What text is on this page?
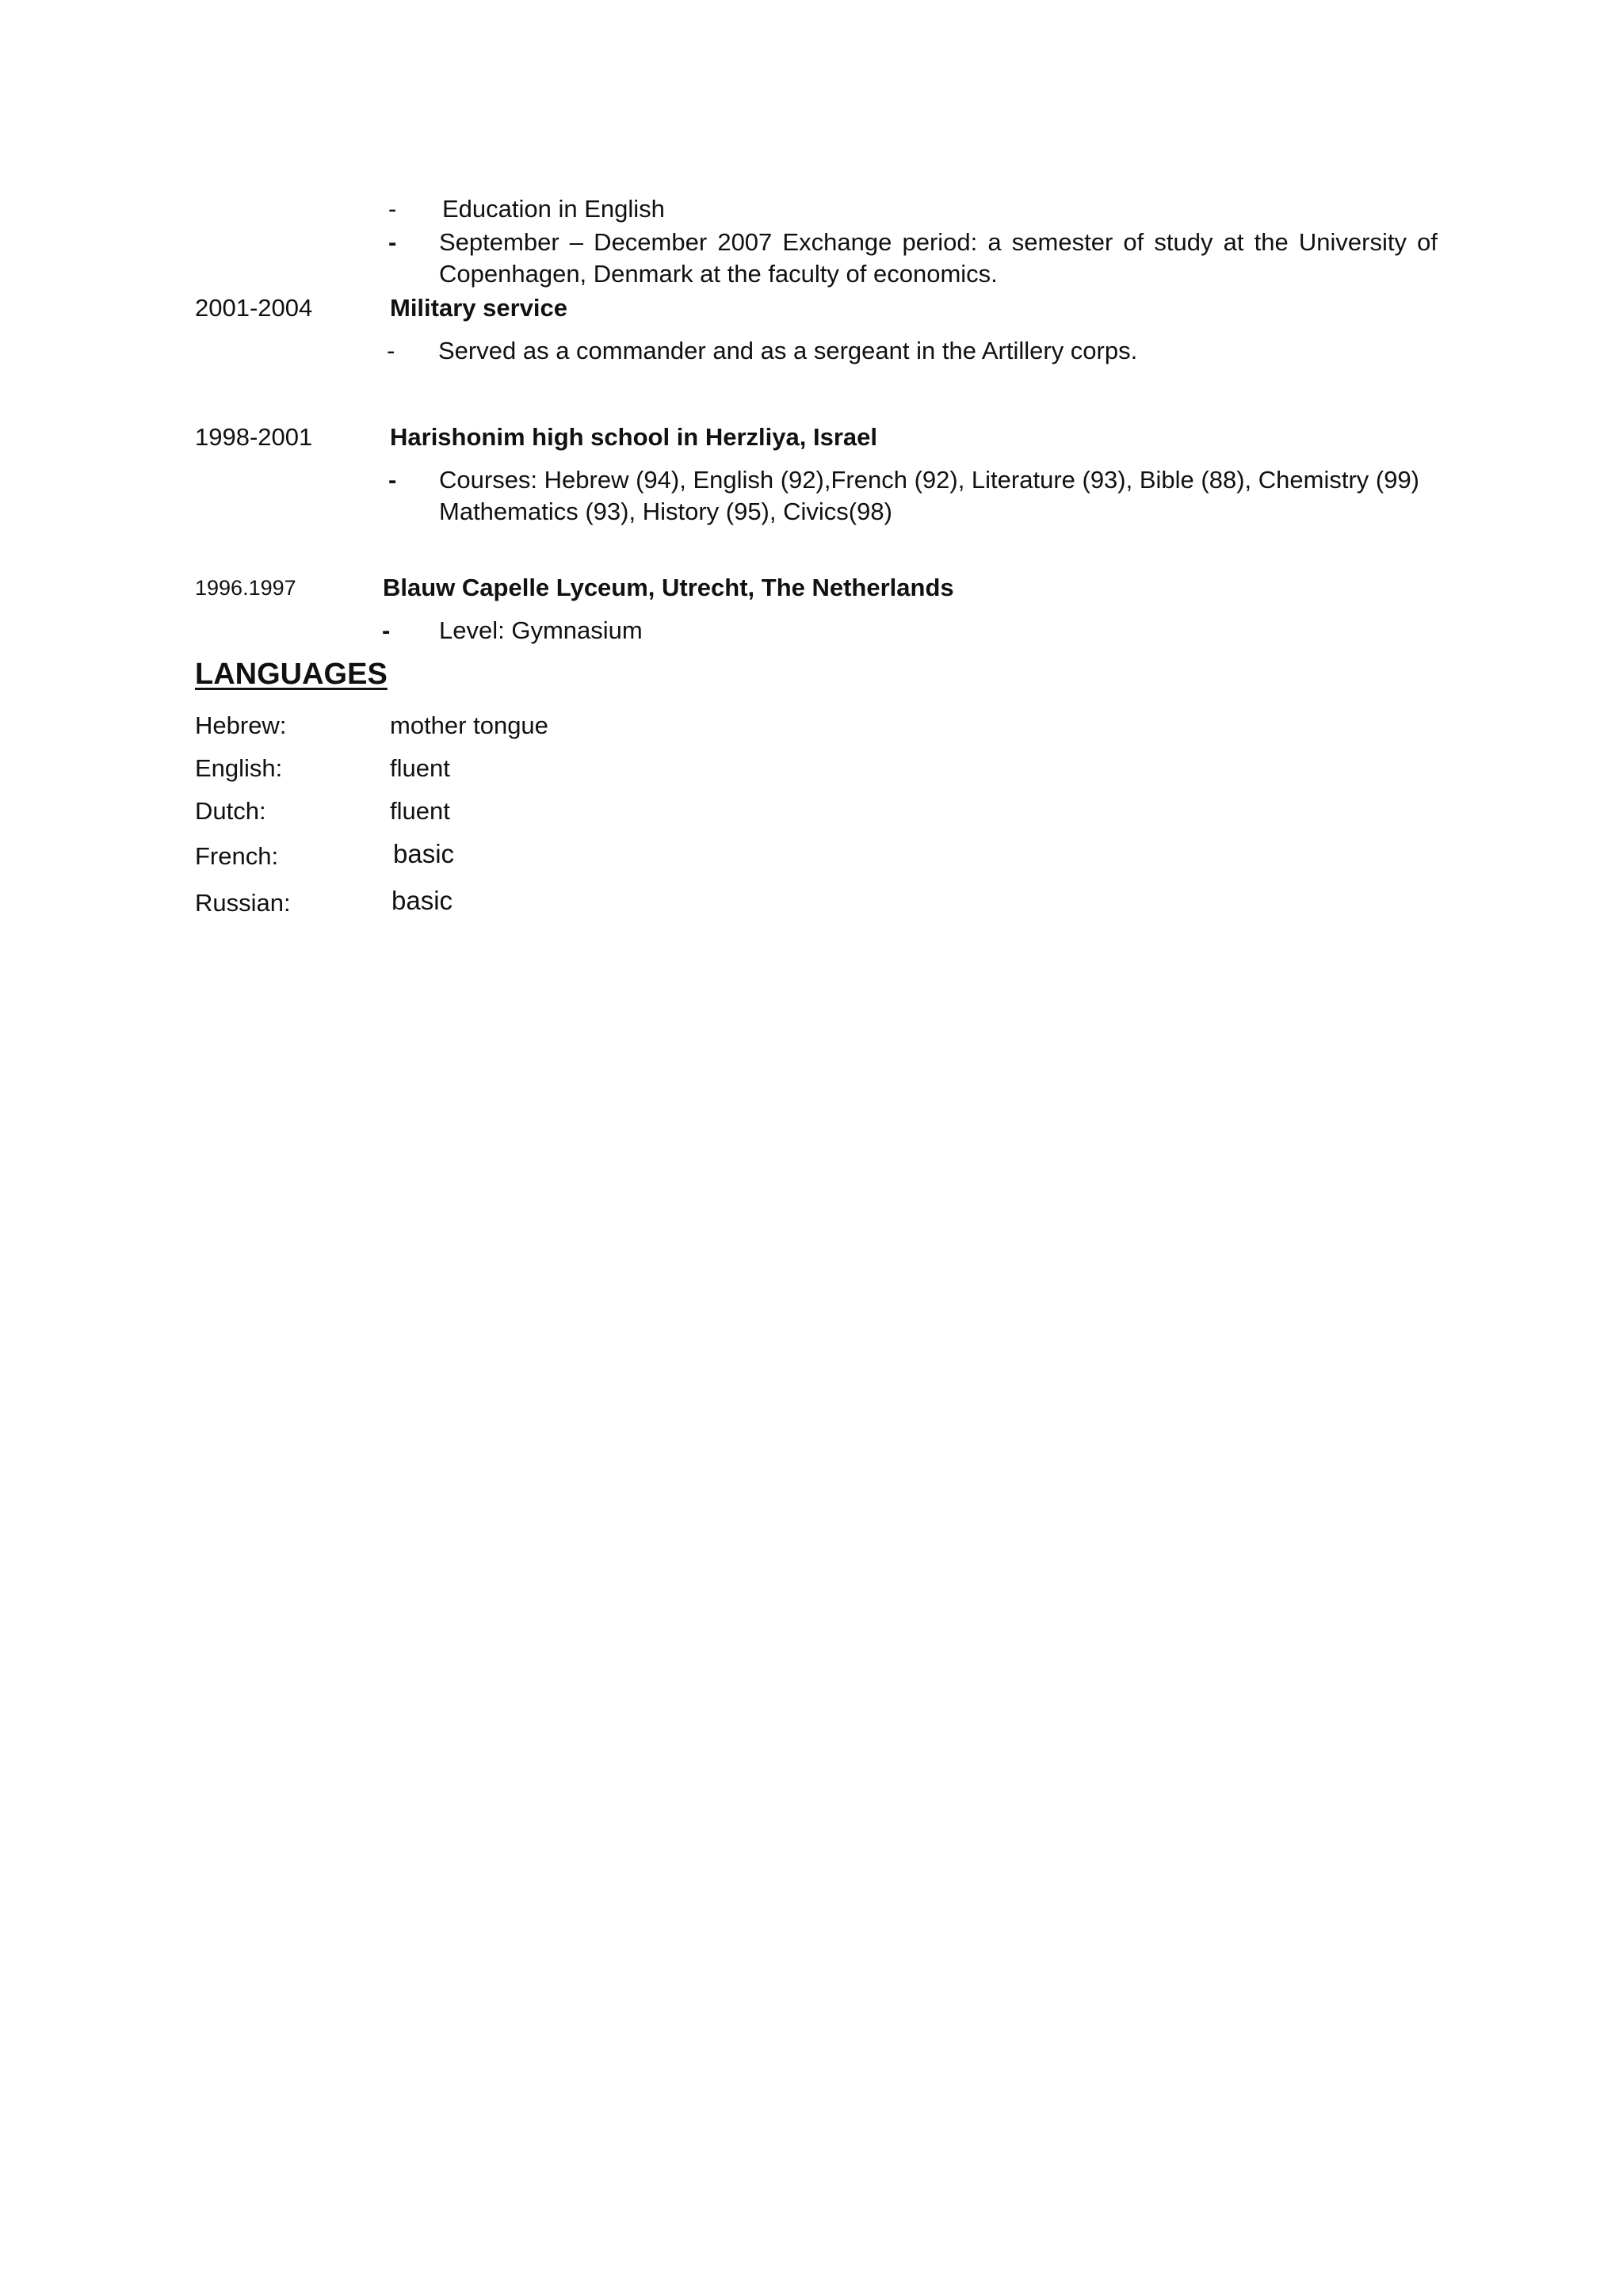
-	Education in English
-	September – December 2007 Exchange period: a semester of study at the University of Copenhagen, Denmark at the faculty of economics.
2001-2004	Military service
-	Served as a commander and as a sergeant in the Artillery corps.
1998-2001	Harishonim high school in Herzliya, Israel
-	Courses: Hebrew (94), English (92),French (92), Literature (93), Bible (88), Chemistry (99) Mathematics (93), History (95), Civics(98)
1996.1997	Blauw Capelle Lyceum, Utrecht, The Netherlands
-	Level: Gymnasium
LANGUAGES
Hebrew:	mother tongue
English:	fluent
Dutch:	fluent
French:	basic
Russian:	basic
